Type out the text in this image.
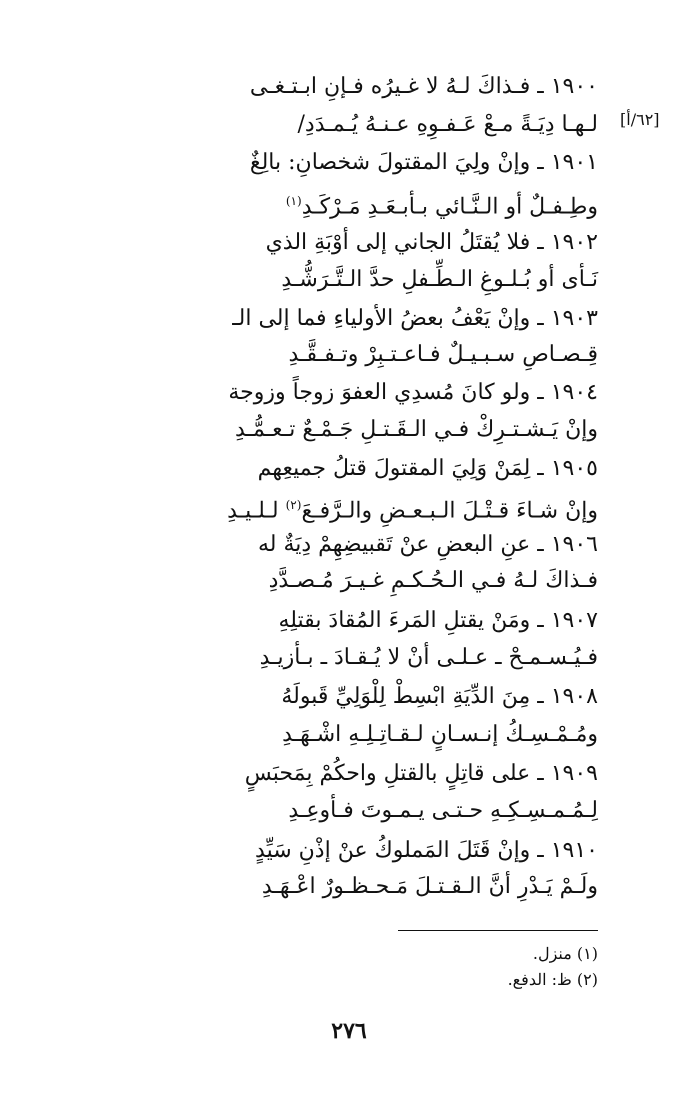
[٦٢/أ]
١٩٠٠ ـ فـذاكَ لـهُ لا غـيرُه فـإنِ ابـتـغـى
لـهـا دِيَـةً مـعْ عَـفـوِهِ عـنـهُ يُـمـدَدِ/
١٩٠١ ـ وإنْ ولِيَ المقتولَ شخصانِ: بالِغٌ
وطِـفـلٌ أو الـنَّـائي بـأبـعَـدِ مَـرْكَـدِ$^{(١)}$
١٩٠٢ ـ فلا يُقتَلُ الجاني إلى أوْبَةِ الذي
نَـأى أو بُـلـوغِ الـطِّـفلِ حدَّ الـتَّـرَشُّـدِ
١٩٠٣ ـ وإنْ يَعْفُ بعضُ الأولياءِ فما إلى الـ
قِـصـاصِ سـبـيـلٌ فـاعـتـبِرْ وتـفـقَّـدِ
١٩٠٤ ـ ولو كانَ مُسدِي العفوَ زوجاً وزوجة
وإنْ يَـشـتـرِكْ فـي الـقَـتـلِ جَـمْـعٌ تـعـمُّـدِ
١٩٠٥ ـ لِمَنْ وَلِيَ المقتولَ قتلُ جميعِهم
وإنْ شـاءَ قـتْـلَ الـبـعـضِ والـرَّفـعَ$^{(٢)}$ لـلـيـدِ
١٩٠٦ ـ عنِ البعضِ عنْ تَقبيضِهِمْ دِيَةٌ له
فـذاكَ لـهُ فـي الـحُـكـمِ غـيـرَ مُـصـدَّدِ
١٩٠٧ ـ ومَنْ يقتلِ المَرءَ المُقادَ بقتلِهِ
فـيُـسـمـحْ ـ عـلـى أنْ لا يُـقـادَ ـ بـأزيـدِ
١٩٠٨ ـ مِنَ الدِّيَةِ ابْسِطْ لِلْوَلِيِّ قَبولَهُ
ومُـمْـسِـكُ إنـسـانٍ لـقـاتِـلِـهِ اشْـهَـدِ
١٩٠٩ ـ على قاتِلٍ بالقتلِ واحكُمْ بِمَحبَسٍ
لِـمُـمـسِـكِـهِ حـتـى يـمـوتَ فـأوعِـدِ
١٩١٠ ـ وإنْ قَتَلَ المَملوكُ عنْ إذْنِ سَيِّدٍ
ولَـمْ يَـدْرِ أنَّ الـقـتـلَ مَـحـظـورٌ اعْـهَـدِ
(١) منزل.
(٢) ظ: الدفع.
٢٧٦
